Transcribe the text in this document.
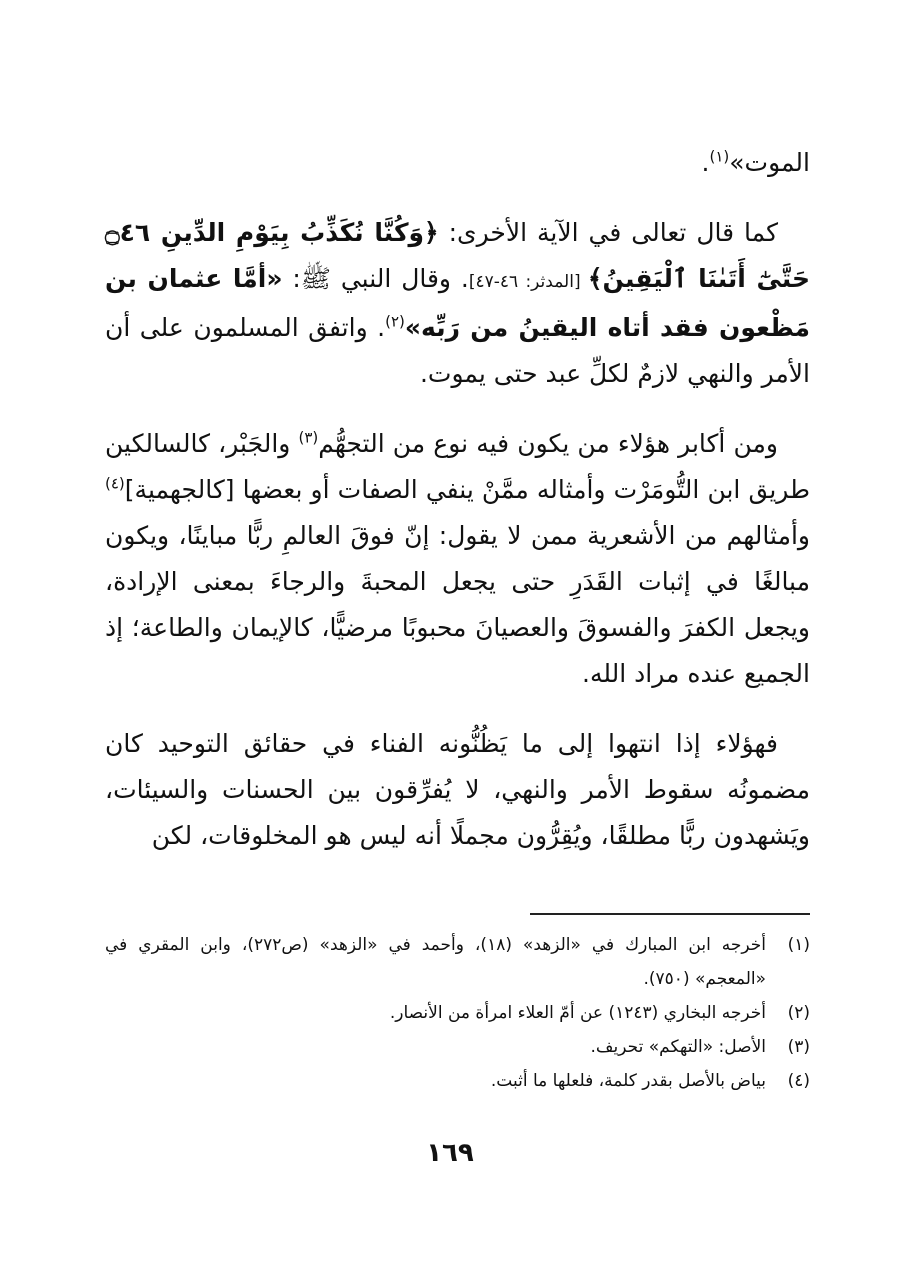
الموت»$^{(١)}$.

كما قال تعالى في الآية الأخرى: ﴿وَكُنَّا نُكَذِّبُ بِيَوْمِ الدِّينِ ۝٤٦ حَتَّىٰٓ أَتَىٰنَا ٱلْيَقِينُ﴾ [المدثر: ٤٦-٤٧]. وقال النبي ﷺ: «أمَّا عثمان بن مَظْعون فقد أتاه اليقينُ من رَبِّه»$^{(٢)}$. واتفق المسلمون على أن الأمر والنهي لازمٌ لكلِّ عبد حتى يموت.

ومن أكابر هؤلاء من يكون فيه نوع من التجهُّم$^{(٣)}$ والجَبْر، كالسالكين طريق ابن التُّومَرْت وأمثاله ممَّنْ ينفي الصفات أو بعضها [كالجهمية]$^{(٤)}$ وأمثالهم من الأشعرية ممن لا يقول: إنّ فوقَ العالمِ ربًّا مباينًا، ويكون مبالغًا في إثبات القَدَرِ حتى يجعل المحبةَ والرجاءَ بمعنى الإرادة، ويجعل الكفرَ والفسوقَ والعصيانَ محبوبًا مرضيًّا، كالإيمان والطاعة؛ إذ الجميع عنده مراد الله.

فهؤلاء إذا انتهوا إلى ما يَظُنُّونه الفناء في حقائق التوحيد كان مضمونُه سقوط الأمر والنهي، لا يُفرِّقون بين الحسنات والسيئات، ويَشهدون ربًّا مطلقًا، ويُقِرُّون مجملًا أنه ليس هو المخلوقات، لكن

(١)
أخرجه ابن المبارك في «الزهد» (١٨)، وأحمد في «الزهد» (ص٢٧٢)، وابن المقري في «المعجم» (٧٥٠).
(٢)
أخرجه البخاري (١٢٤٣) عن أمّ العلاء امرأة من الأنصار.
(٣)
الأصل: «التهكم» تحريف.
(٤)
بياض بالأصل بقدر كلمة، فلعلها ما أثبت.
١٦٩
